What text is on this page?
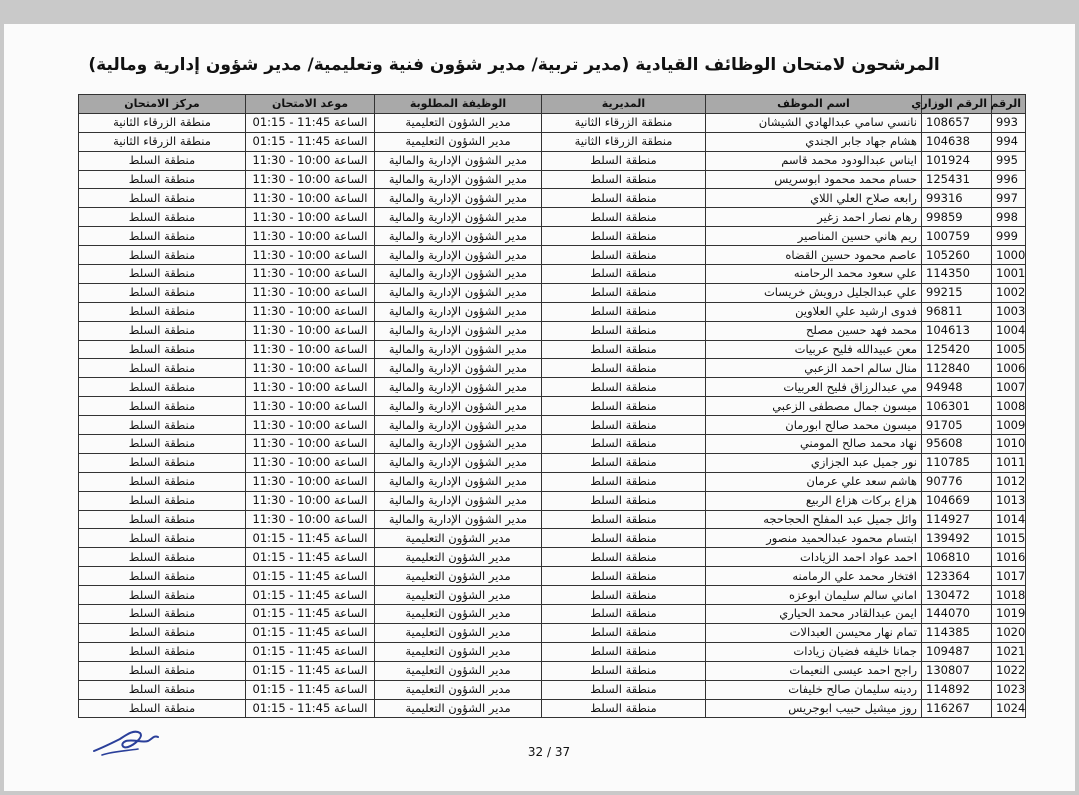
المرشحون لامتحان الوظائف القيادية (مدير تربية/ مدير شؤون فنية وتعليمية/ مدير شؤون إدارية ومالية)
الرقم	الرقم الوزاري	اسم الموظف	المديرية	الوظيفة المطلوبة	موعد الامتحان	مركز الامتحان
993	108657	نانسي سامي عبدالهادي الشيشان	منطقة الزرقاء الثانية	مدير الشؤون التعليمية	الساعة 11:45 - 01:15	منطقة الزرقاء الثانية
994	104638	هشام جهاد جابر الجندي	منطقة الزرقاء الثانية	مدير الشؤون التعليمية	الساعة 11:45 - 01:15	منطقة الزرقاء الثانية
995	101924	ايناس عبدالودود محمد قاسم	منطقة السلط	مدير الشؤون الإدارية والمالية	الساعة 10:00 - 11:30	منطقة السلط
996	125431	حسام محمد محمود ابوسريس	منطقة السلط	مدير الشؤون الإدارية والمالية	الساعة 10:00 - 11:30	منطقة السلط
997	99316	رابعه صلاح العلي اللاي	منطقة السلط	مدير الشؤون الإدارية والمالية	الساعة 10:00 - 11:30	منطقة السلط
998	99859	رهام نصار احمد زغير	منطقة السلط	مدير الشؤون الإدارية والمالية	الساعة 10:00 - 11:30	منطقة السلط
999	100759	ريم هاني حسين المناصير	منطقة السلط	مدير الشؤون الإدارية والمالية	الساعة 10:00 - 11:30	منطقة السلط
1000	105260	عاصم محمود حسين القضاه	منطقة السلط	مدير الشؤون الإدارية والمالية	الساعة 10:00 - 11:30	منطقة السلط
1001	114350	علي سعود محمد الرحامنه	منطقة السلط	مدير الشؤون الإدارية والمالية	الساعة 10:00 - 11:30	منطقة السلط
1002	99215	علي عبدالجليل درويش خريسات	منطقة السلط	مدير الشؤون الإدارية والمالية	الساعة 10:00 - 11:30	منطقة السلط
1003	96811	فدوى ارشيد علي العلاوين	منطقة السلط	مدير الشؤون الإدارية والمالية	الساعة 10:00 - 11:30	منطقة السلط
1004	104613	محمد فهد حسين مصلح	منطقة السلط	مدير الشؤون الإدارية والمالية	الساعة 10:00 - 11:30	منطقة السلط
1005	125420	معن عبيدالله فليح عربيات	منطقة السلط	مدير الشؤون الإدارية والمالية	الساعة 10:00 - 11:30	منطقة السلط
1006	112840	منال سالم احمد الزعبي	منطقة السلط	مدير الشؤون الإدارية والمالية	الساعة 10:00 - 11:30	منطقة السلط
1007	94948	مي عبدالرزاق فليح العربيات	منطقة السلط	مدير الشؤون الإدارية والمالية	الساعة 10:00 - 11:30	منطقة السلط
1008	106301	ميسون جمال مصطفى الزعبي	منطقة السلط	مدير الشؤون الإدارية والمالية	الساعة 10:00 - 11:30	منطقة السلط
1009	91705	ميسون محمد صالح ابورمان	منطقة السلط	مدير الشؤون الإدارية والمالية	الساعة 10:00 - 11:30	منطقة السلط
1010	95608	نهاد محمد صالح المومني	منطقة السلط	مدير الشؤون الإدارية والمالية	الساعة 10:00 - 11:30	منطقة السلط
1011	110785	نور جميل عبد الجزازي	منطقة السلط	مدير الشؤون الإدارية والمالية	الساعة 10:00 - 11:30	منطقة السلط
1012	90776	هاشم سعد علي عرمان	منطقة السلط	مدير الشؤون الإدارية والمالية	الساعة 10:00 - 11:30	منطقة السلط
1013	104669	هزاع بركات هزاع الربيع	منطقة السلط	مدير الشؤون الإدارية والمالية	الساعة 10:00 - 11:30	منطقة السلط
1014	114927	وائل جميل عبد المفلح الحجاحجه	منطقة السلط	مدير الشؤون الإدارية والمالية	الساعة 10:00 - 11:30	منطقة السلط
1015	139492	ابتسام محمود عبدالحميد منصور	منطقة السلط	مدير الشؤون التعليمية	الساعة 11:45 - 01:15	منطقة السلط
1016	106810	احمد عواد احمد الزيادات	منطقة السلط	مدير الشؤون التعليمية	الساعة 11:45 - 01:15	منطقة السلط
1017	123364	افتخار محمد علي الرمامنه	منطقة السلط	مدير الشؤون التعليمية	الساعة 11:45 - 01:15	منطقة السلط
1018	130472	اماني سالم سليمان ابوعزه	منطقة السلط	مدير الشؤون التعليمية	الساعة 11:45 - 01:15	منطقة السلط
1019	144070	ايمن عبدالقادر محمد الحياري	منطقة السلط	مدير الشؤون التعليمية	الساعة 11:45 - 01:15	منطقة السلط
1020	114385	تمام نهار محيسن العبدالات	منطقة السلط	مدير الشؤون التعليمية	الساعة 11:45 - 01:15	منطقة السلط
1021	109487	جمانا خليفه فضيان زيادات	منطقة السلط	مدير الشؤون التعليمية	الساعة 11:45 - 01:15	منطقة السلط
1022	130807	راجح احمد عيسى النعيمات	منطقة السلط	مدير الشؤون التعليمية	الساعة 11:45 - 01:15	منطقة السلط
1023	114892	ردينه سليمان صالح خليفات	منطقة السلط	مدير الشؤون التعليمية	الساعة 11:45 - 01:15	منطقة السلط
1024	116267	روز ميشيل حبيب ابوجريس	منطقة السلط	مدير الشؤون التعليمية	الساعة 11:45 - 01:15	منطقة السلط
32 / 37
